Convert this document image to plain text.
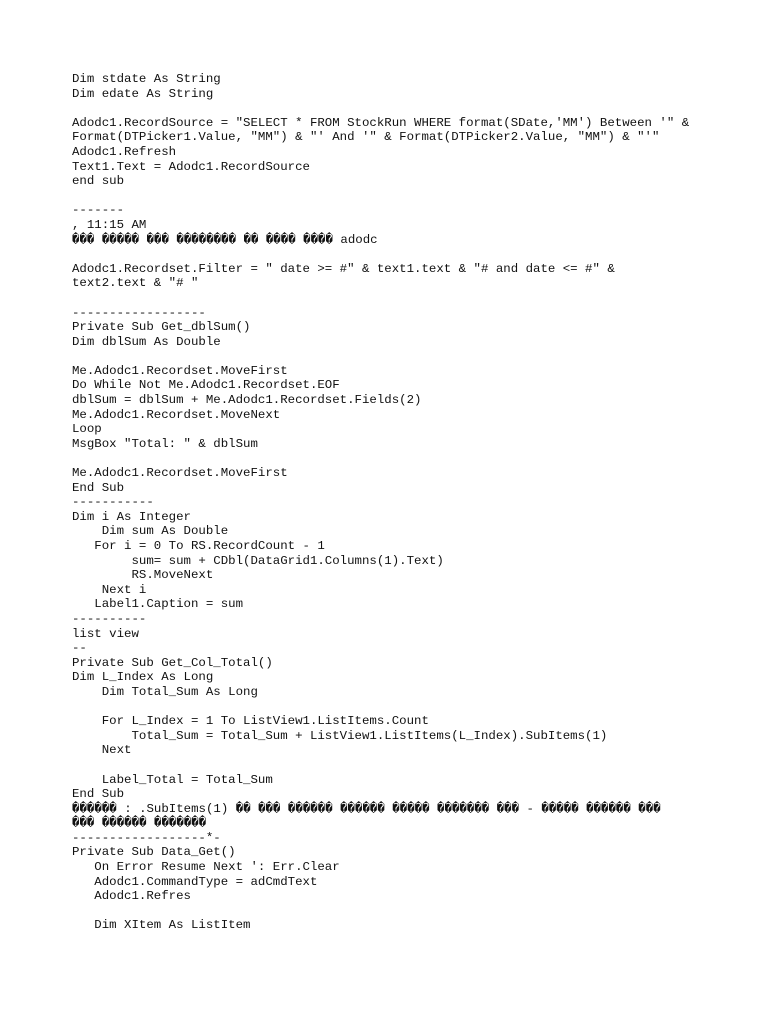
Dim stdate As String
Dim edate As String
Adodc1.RecordSource = "SELECT * FROM StockRun WHERE format(SDate,'MM') Between '" &
Format(DTPicker1.Value, "MM") & "' And '" & Format(DTPicker2.Value, "MM") & "'"
Adodc1.Refresh
Text1.Text = Adodc1.RecordSource
end sub
-------
, 11:15 AM
��� ����� ��� �������� �� ���� ���� adodc
Adodc1.Recordset.Filter = " date >= #" & text1.text & "# and date <= #" &
text2.text & "# "
------------------
Private Sub Get_dblSum()
Dim dblSum As Double
Me.Adodc1.Recordset.MoveFirst
Do While Not Me.Adodc1.Recordset.EOF
dblSum = dblSum + Me.Adodc1.Recordset.Fields(2)
Me.Adodc1.Recordset.MoveNext
Loop
MsgBox "Total: " & dblSum
Me.Adodc1.Recordset.MoveFirst
End Sub
-----------
Dim i As Integer
Dim sum As Double
For i = 0 To RS.RecordCount - 1
sum= sum + CDbl(DataGrid1.Columns(1).Text)
RS.MoveNext
Next i
Label1.Caption = sum
----------
list view
--
Private Sub Get_Col_Total()
Dim L_Index As Long
Dim Total_Sum As Long
For L_Index = 1 To ListView1.ListItems.Count
Total_Sum = Total_Sum + ListView1.ListItems(L_Index).SubItems(1)
Next
Label_Total = Total_Sum
End Sub
������ : .SubItems(1) �� ��� ������ ������ ����� ������� ��� - ����� ������ ���
��� ������ �������
------------------*-
Private Sub Data_Get()
On Error Resume Next ': Err.Clear
Adodc1.CommandType = adCmdText
Adodc1.Refres
Dim XItem As ListItem
